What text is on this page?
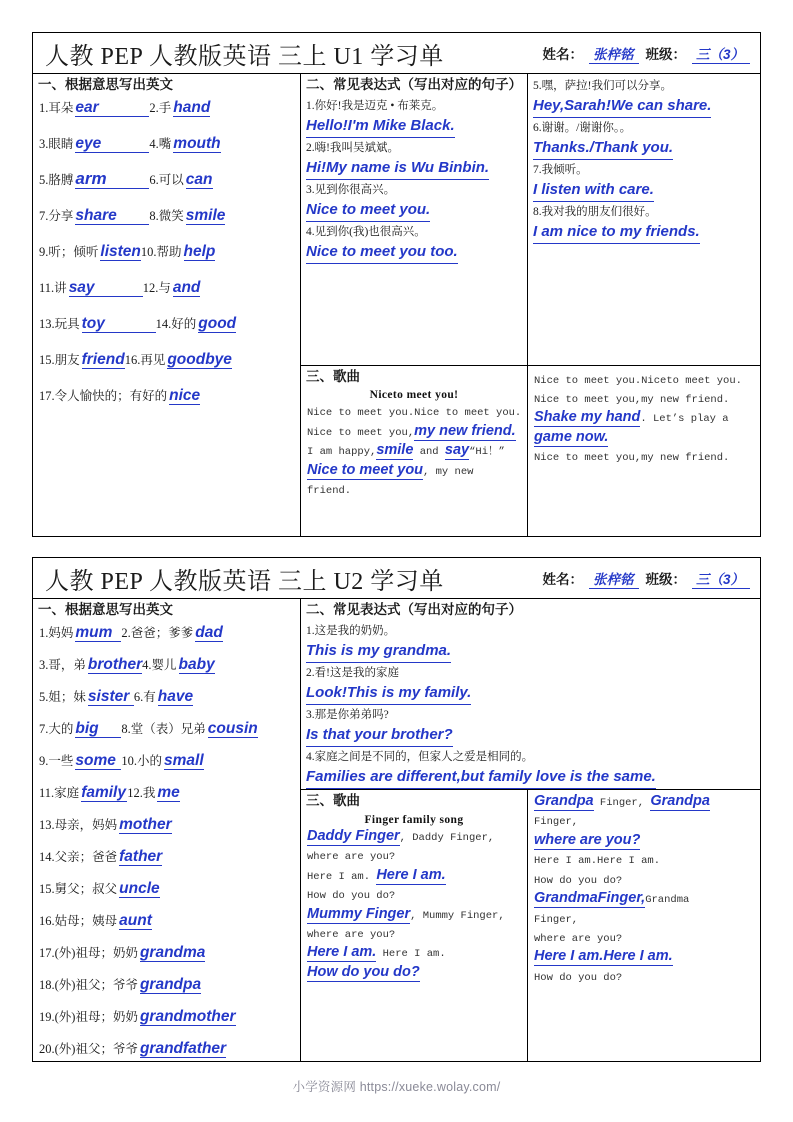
人教 PEP 人教版英语 三上 U1 学习单	姓名： 张梓铭 班级： 三（3）
一、根据意思写出英文
1. 耳朵 ear	2. 手 hand
3. 眼睛 eye	4. 嘴 mouth
5. 胳膊 arm	6. 可以 can
7. 分享 share	8. 微笑 smile
9. 听；倾听 listen 10. 帮助 help
11. 讲 say	12. 与 and
13. 玩具 toy	14. 好的 good
15. 朋友 friend 16. 再见 goodbye
17. 令人愉快的；有好的 nice
二、常见表达式（写出对应的句子）
1.你好!我是迈克 • 布莱克。
Hello!I'm Mike Black.
2.嗨!我叫吴斌斌。
Hi!My name is Wu Binbin.
3.见到你很高兴。
Nice to meet you.
4.见到你(我)也很高兴。
Nice to meet you too.
5.嘿，萨拉!我们可以分享。
Hey,Sarah!We can share.
6.谢谢。/谢谢你。。
Thanks./Thank you.
7.我倾听。
I listen with care.
8.我对我的朋友们很好。
I am nice to my friends.
三、歌曲
Niceto meet you!

Nice to meet you.Nice to meet you.

Nice to meet you,my new friend.

I am happy,smile and say“Hi！”

Nice to meet you, my new friend.

Nice to meet you.Niceto meet you.

Nice to meet you,my new friend.

Shake my hand. Let’s play a game now.

Nice to meet you,my new friend.

人教 PEP 人教版英语 三上 U2 学习单	姓名： 张梓铭 班级： 三（3）
一、根据意思写出英文
1. 妈妈 mum 2. 爸爸；爹爹 dad
3. 哥，弟 brother 4. 婴儿 baby
5. 姐；妹 sister 6. 有 have
7. 大的 big	8. 堂（表）兄弟 cousin
9. 一些 some 10. 小的 small
11. 家庭 family 12. 我 me
13. 母亲，妈妈 mother
14. 父亲；爸爸 father
15. 舅父；叔父 uncle
16. 姑母；姨母 aunt
17. (外)祖母；奶奶 grandma
18. (外)祖父；爷爷 grandpa
19. (外)祖母；奶奶 grandmother
20. (外)祖父；爷爷 grandfather
二、常见表达式（写出对应的句子）
1.这是我的奶奶。
This is my grandma.
2.看!这是我的家庭
Look!This is my family.
3.那是你弟弟吗?
Is that your brother?
4.家庭之间是不同的，但家人之爱是相同的。
Families are different,but family love is the same.
三、歌曲
Finger family song

Daddy Finger, Daddy Finger,

where are you?

Here I am. Here I am.

How do you do?

Mummy Finger, Mummy Finger,

where are you?

Here I am. Here I am.

How do you do?

Grandpa Finger, Grandpa

Finger,

where are you?

Here I am.Here I am.

How do you do?

GrandmaFinger,Grandma

Finger,

where are you?

Here I am.Here I am.

How do you do?

小学资源网 https://xueke.wolay.com/
